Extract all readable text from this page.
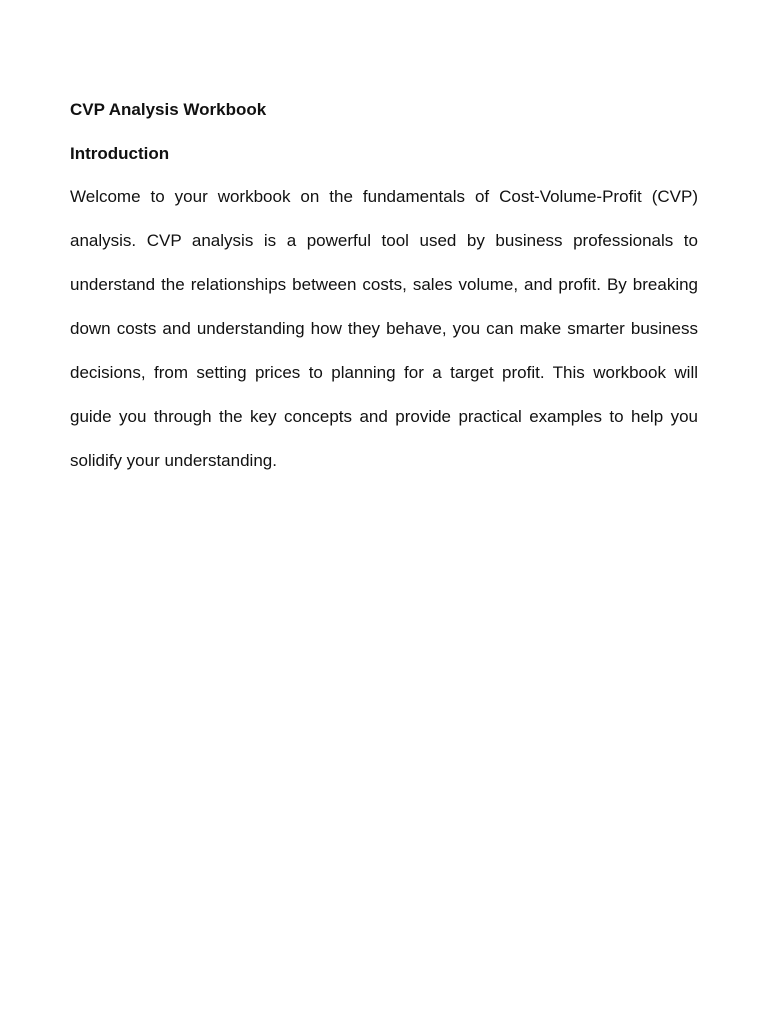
CVP Analysis Workbook
Introduction

Welcome to your workbook on the fundamentals of Cost-Volume-Profit (CVP) analysis. CVP analysis is a powerful tool used by business professionals to understand the relationships between costs, sales volume, and profit. By breaking down costs and understanding how they behave, you can make smarter business decisions, from setting prices to planning for a target profit. This workbook will guide you through the key concepts and provide practical examples to help you solidify your understanding.
